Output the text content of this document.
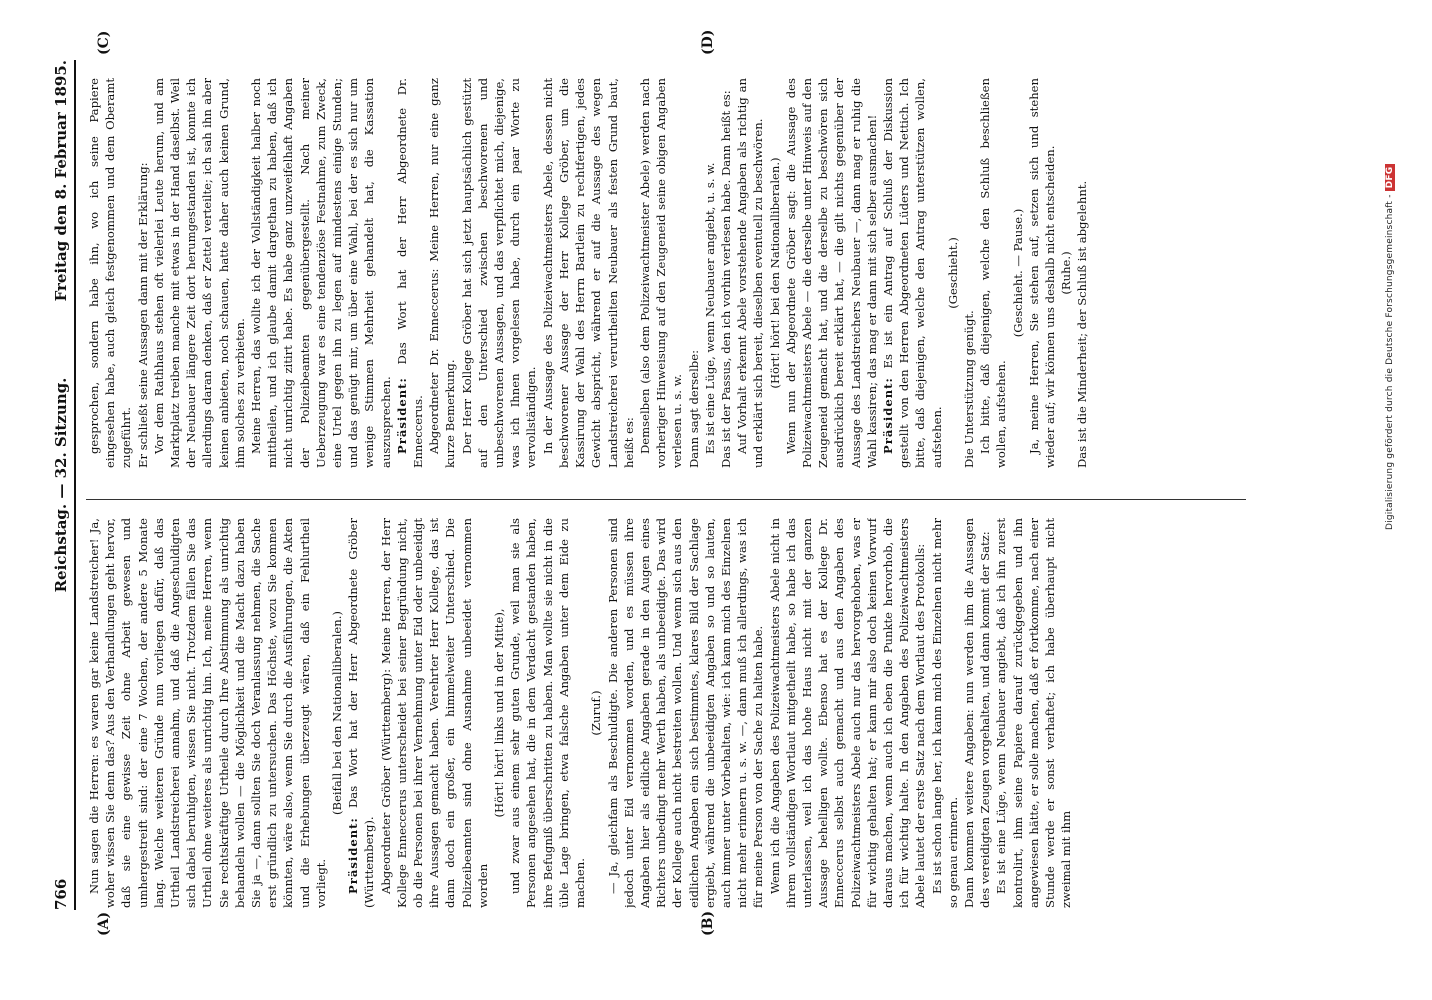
766
Reichstag. — 32. Sitzung.
Freitag den 8. Februar 1895.
(A)	(B)
(C)	(D)

Nun sagen die Herren: es waren gar keine Landstreicher! Ja, woher wissen Sie denn das? Aus den Verhandlungen geht hervor, daß sie eine gewisse Zeit ohne Arbeit gewesen und umhergestreift sind: der eine 7 Wochen, der andere 5 Monate lang. Welche weiteren Gründe nun vorliegen dafür, daß das Urtheil Landstreicherei annahm, und daß die Angeschuldigten sich dabei beruhigten, wissen Sie nicht. Trotzdem fällen Sie das Urtheil ohne weiteres als unrichtig hin. Ich, meine Herren, wenn Sie rechtskräftige Urtheile durch Ihre Abstimmung als unrichtig behandeln wollen — die Möglichkeit und die Macht dazu haben Sie ja —, dann sollten Sie doch Veranlassung nehmen, die Sache erst gründlich zu untersuchen. Das Höchste, wozu Sie kommen könnten, wäre also, wenn Sie durch die Ausführungen, die Akten und die Erhebungen überzeugt wären, daß ein Fehlurtheil vorliegt.

(Beifall bei den Nationalliberalen.)

Präsident: Das Wort hat der Herr Abgeordnete Gröber (Württemberg). Abgeordneter Gröber (Württemberg): Meine Herren, der Herr Kollege Enneccerus unterscheidet bei seiner Begründung nicht, ob die Personen bei ihrer Vernehmung unter Eid oder unbeeidigt ihre Aussagen gemacht haben. Verehrter Herr Kollege, das ist dann doch ein großer, ein himmelweiter Unterschied. Die Polizeibeamten sind ohne Ausnahme unbeeidet vernommen worden

(Hört! hört! links und in der Mitte), und zwar aus einem sehr guten Grunde, weil man sie als Personen angesehen hat, die in dem Verdacht gestanden haben, ihre Befugniß überschritten zu haben. Man wollte sie nicht in die üble Lage bringen, etwa falsche Angaben unter dem Eide zu machen.

(Zuruf.) — Ja, gleichfam als Beschuldigte. Die anderen Personen sind jedoch unter Eid vernommen worden, und es müssen ihre Angaben hier als eidliche Angaben gerade in den Augen eines Richters unbedingt mehr Werth haben, als unbeeidigte. Das wird der Kollege auch nicht bestreiten wollen. Und wenn sich aus den eidlichen Angaben ein sich bestimmtes, klares Bild der Sachlage ergiebt, während die unbeeidigten Angaben so und so lauten, auch immer unter Vorbehalten, wie: ich kann mich des Einzelnen nicht mehr erinnern u. s. w. —, dann muß ich allerdings, was ich für meine Person von der Sache zu halten habe. Wenn ich die Angaben des Polizeiwachtmeisters Abele nicht in ihrem vollständigen Wortlaut mitgetheilt habe, so habe ich das unterlassen, weil ich das hohe Haus nicht mit der ganzen Aussage behelligen wollte. Ebenso hat es der Kollege Dr. Enneccerus selbst auch gemacht und aus den Angaben des Polizeiwachtmeisters Abele auch nur das hervorgehoben, was er für wichtig gehalten hat; er kann mir also doch keinen Vorwurf daraus machen, wenn auch ich eben die Punkte hervorhob, die ich für wichtig halte. In den Angaben des Polizeiwachtmeisters Abele lautet der erste Satz nach dem Wortlaut des Protokolls: Es ist schon lange her, ich kann mich des Einzelnen nicht mehr so genau erinnern. Dann kommen weitere Angaben: nun werden ihm die Aussagen des vereidigten Zeugen vorgehalten, und dann kommt der Satz: Es ist eine Lüge, wenn Neubauer angiebt, daß ich ihn zuerst kontrolirt, ihm seine Papiere darauf zurückgegeben und ihn angewiesen hätte, er solle machen, daß er fortkomme, nach einer Stunde werde er sonst verhaftet; ich habe überhaupt nicht zweimal mit ihm

gesprochen, sondern habe ihn, wo ich seine Papiere eingesehen habe, auch gleich festgenommen und dem Oberamt zugeführt. Er schließt seine Aussagen dann mit der Erklärung: Vor dem Rathhaus stehen oft vielerlei Leute herum, und am Marktplatz treiben manche mit etwas in der Hand daselbst. Weil der Neubauer längere Zeit dort herumgestanden ist, konnte ich allerdings daran denken, daß er Zettel verteilte; ich sah ihn aber keinen anbieten, noch schauen, hatte daher auch keinen Grund, ihm solches zu verbieten. Meine Herren, das wollte ich der Vollständigkeit halber noch mittheilen, und ich glaube damit dargethan zu haben, daß ich nicht unrichtig zitirt habe. Es habe ganz unzweifelhaft Angaben der Polizeibeamten gegenübergestellt. Nach meiner Ueberzeugung war es eine tendenziöse Festnahme, zum Zweck, eine Urtel gegen ihn zu legen auf mindestens einige Stunden; und das genügt mir, um über eine Wahl, bei der es sich nur um wenige Stimmen Mehrheit gehandelt hat, die Kassation auszusprechen. Präsident: Das Wort hat der Herr Abgeordnete Dr. Enneccerus. Abgeordneter Dr. Enneccerus: Meine Herren, nur eine ganz kurze Bemerkung. Der Herr Kollege Gröber hat sich jetzt hauptsächlich gestützt auf den Unterschied zwischen beschworenen und unbeschworenen Aussagen, und das verpflichtet mich, diejenige, was ich Ihnen vorgelesen habe, durch ein paar Worte zu vervollständigen. In der Aussage des Polizeiwachtmeisters Abele, dessen nicht beschworener Aussage der Herr Kollege Gröber, um die Kassirung der Wahl des Herrn Bartlein zu rechtfertigen, jedes Gewicht abspricht, während er auf die Aussage des wegen Landstreicherei verurtheilten Neubauer als festen Grund baut, heißt es: Demselben (also dem Polizeiwachtmeister Abele) werden nach vorheriger Hinweisung auf den Zeugeneid seine obigen Angaben verlesen u. s. w. Dann sagt derselbe: Es ist eine Lüge, wenn Neubauer angiebt, u. s. w. Das ist der Passus, den ich vorhin verlesen habe. Dann heißt es: Auf Vorhalt erkennt Abele vorstehende Angaben als richtig an und erklärt sich bereit, dieselben eventuell zu beschwören. (Hört! hört! bei den Nationalliberalen.) Wenn nun der Abgeordnete Gröber sagt: die Aussage des Polizeiwachtmeisters Abele — die derselbe unter Hinweis auf den Zeugeneid gemacht hat, und die derselbe zu beschwören sich ausdrücklich bereit erklärt hat, — die gilt nichts gegenüber der Aussage des Landstreichers Neubauer —, dann mag er ruhig die Wahl kassiren; das mag er dann mit sich selber ausmachen! Präsident: Es ist ein Antrag auf Schluß der Diskussion gestellt von den Herren Abgeordneten Lüders und Nettich. Ich bitte, daß diejenigen, welche den Antrag unterstützen wollen, aufstehen.

(Geschieht.)

Die Unterstützung genügt. Ich bitte, daß diejenigen, welche den Schluß beschließen wollen, aufstehen.

(Geschieht. — Pause.) Ja, meine Herren, Sie stehen auf, setzen sich und stehen wieder auf; wir können uns deshalb nicht entscheiden. (Ruhe.) Das ist die Minderheit; der Schluß ist abgelehnt.	Digitalisierung gefördert durch die Deutsche Forschungsgemeinschaft -DFG
